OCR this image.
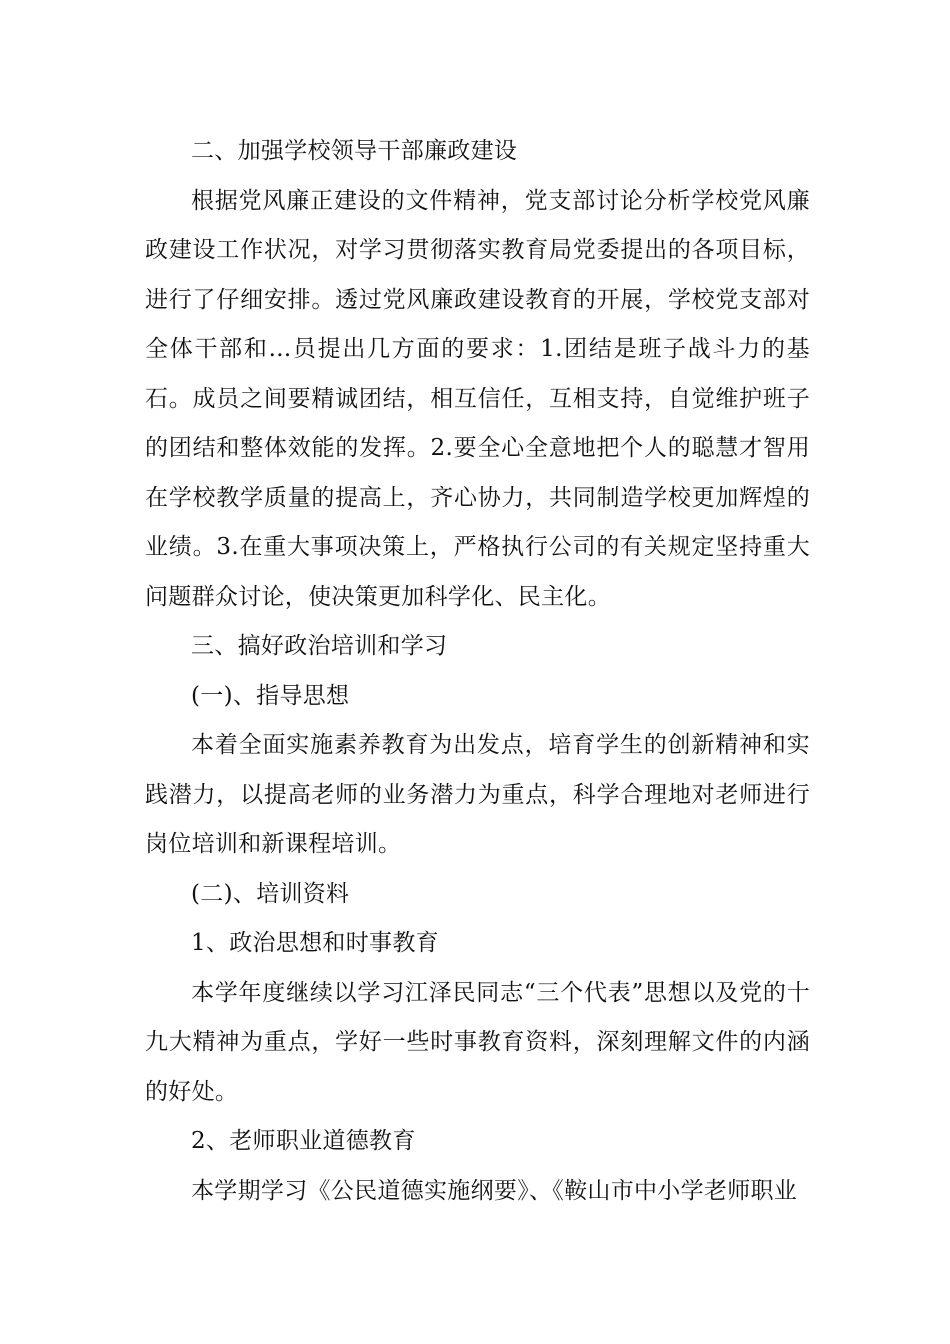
二、加强学校领导干部廉政建设

根据党风廉正建设的文件精神，党支部讨论分析学校党风廉政建设工作状况，对学习贯彻落实教育局党委提出的各项目标，进行了仔细安排。透过党风廉政建设教育的开展，学校党支部对全体干部和...员提出几方面的要求：1.团结是班子战斗力的基石。成员之间要精诚团结，相互信任，互相支持，自觉维护班子的团结和整体效能的发挥。2.要全心全意地把个人的聪慧才智用在学校教学质量的提高上，齐心协力，共同制造学校更加辉煌的业绩。3.在重大事项决策上，严格执行公司的有关规定坚持重大问题群众讨论，使决策更加科学化、民主化。

三、搞好政治培训和学习

(一)、指导思想

本着全面实施素养教育为出发点，培育学生的创新精神和实践潜力，以提高老师的业务潜力为重点，科学合理地对老师进行岗位培训和新课程培训。

(二)、培训资料

1、政治思想和时事教育

本学年度继续以学习江泽民同志“三个代表”思想以及党的十九大精神为重点，学好一些时事教育资料，深刻理解文件的内涵的好处。

2、老师职业道德教育

本学期学习《公民道德实施纲要》、《鞍山市中小学老师职业
